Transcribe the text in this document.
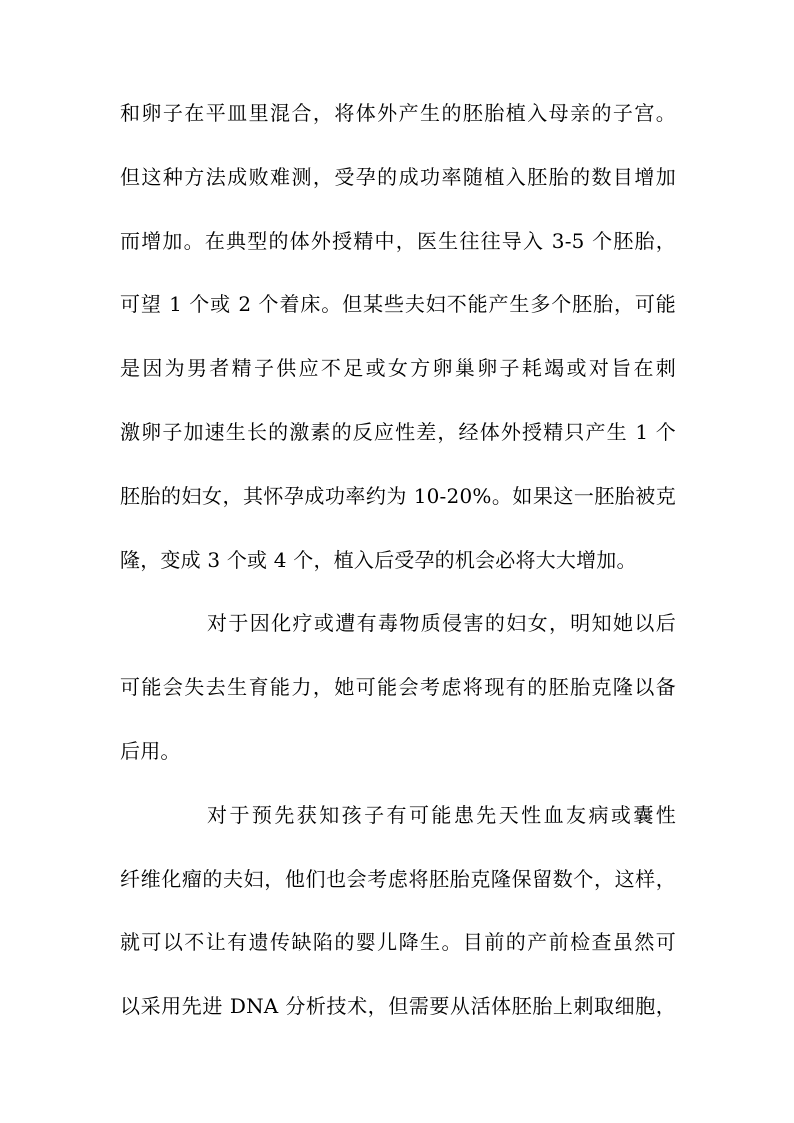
和卵子在平皿里混合，将体外产生的胚胎植入母亲的子宫。
但这种方法成败难测，受孕的成功率随植入胚胎的数目增加
而增加。在典型的体外授精中，医生往往导入 3-5 个胚胎，
可望 1 个或 2 个着床。但某些夫妇不能产生多个胚胎，可能
是因为男者精子供应不足或女方卵巢卵子耗竭或对旨在刺
激卵子加速生长的激素的反应性差，经体外授精只产生 1 个
胚胎的妇女，其怀孕成功率约为 10-20%。如果这一胚胎被克
隆，变成 3 个或 4 个，植入后受孕的机会必将大大增加。
对于因化疗或遭有毒物质侵害的妇女，明知她以后
可能会失去生育能力，她可能会考虑将现有的胚胎克隆以备
后用。
对于预先获知孩子有可能患先天性血友病或囊性
纤维化瘤的夫妇，他们也会考虑将胚胎克隆保留数个，这样，
就可以不让有遗传缺陷的婴儿降生。目前的产前检查虽然可
以采用先进 DNA 分析技术，但需要从活体胚胎上刺取细胞，
